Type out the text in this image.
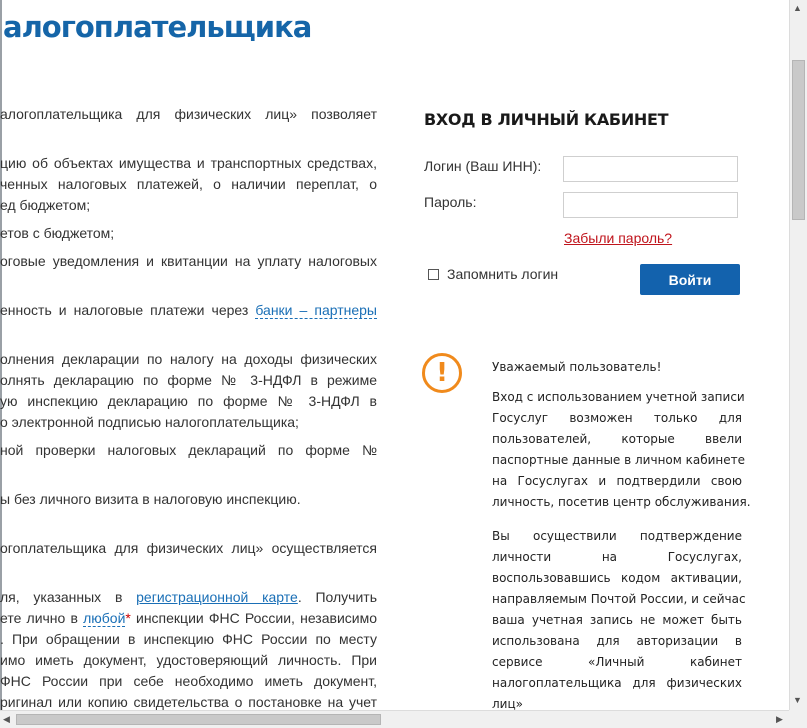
алогоплательщика

алогоплательщика для физических лиц» позволяет

цию об объектах имущества и транспортных средствах,

ченных налоговых платежей, о наличии переплат, о

ед бюджетом;

етов с бюджетом;

оговые уведомления и квитанции на уплату налоговых

енность и налоговые платежи через банки – партнеры

олнения декларации по налогу на доходы физических

олнять декларацию по форме № 3-НДФЛ в режиме

ую инспекцию декларацию по форме № 3-НДФЛ в

о электронной подписью налогоплательщика;

ной проверки налоговых деклараций по форме №

ы без личного визита в налоговую инспекцию.

огоплательщика для физических лиц» осуществляется

ля, указанных в регистрационной карте. Получить

ете лично в любой* инспекции ФНС России, независимо

. При обращении в инспекцию ФНС России по месту

имо иметь документ, удостоверяющий личность. При

ФНС России при себе необходимо иметь документ,

ригинал или копию свидетельства о постановке на учет

ВХОД В ЛИЧНЫЙ КАБИНЕТ
Логин (Ваш ИНН):
Пароль:
Забыли пароль?
Запомнить логин	Войти
!	Уважаемый пользователь!

Вход с использованием учетной записи

Госуслуг возможен только для

пользователей, которые ввели

паспортные данные в личном кабинете

на Госуслугах и подтвердили свою

личность, посетив центр обслуживания.

Вы осуществили подтверждение

личности на Госуслугах,

воспользовавшись кодом активации,

направляемым Почтой России, и сейчас

ваша учетная запись не может быть

использована для авторизации в

сервисе «Личный кабинет

налогоплательщика для физических

лиц»

▲
▼
◀	▶
